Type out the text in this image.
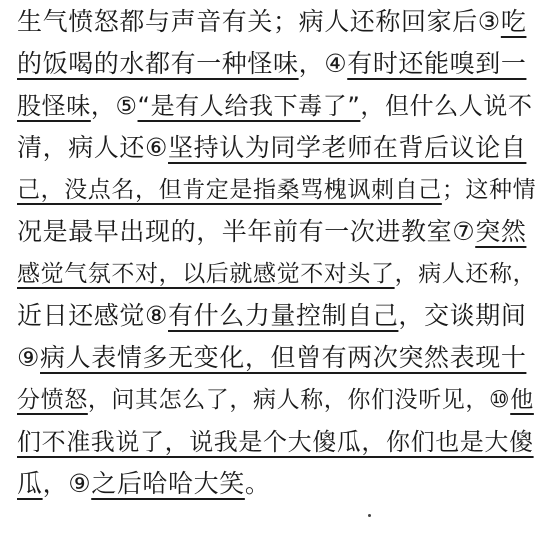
生气愤怒都与声音有关；病人还称回家后③吃
的饭喝的水都有一种怪味，④有时还能嗅到一
股怪味，⑤“是有人给我下毒了”，但什么人说不
清，病人还⑥坚持认为同学老师在背后议论自
己，没点名，但肯定是指桑骂槐讽刺自己；这种情
况是最早出现的，半年前有一次进教室⑦突然
感觉气氛不对，以后就感觉不对头了，病人还称，
近日还感觉⑧有什么力量控制自己，交谈期间
⑨病人表情多无变化，但曾有两次突然表现十
分愤怒，问其怎么了，病人称，你们没听见，⑩他
们不准我说了，说我是个大傻瓜，你们也是大傻
瓜，⑨之后哈哈大笑。
